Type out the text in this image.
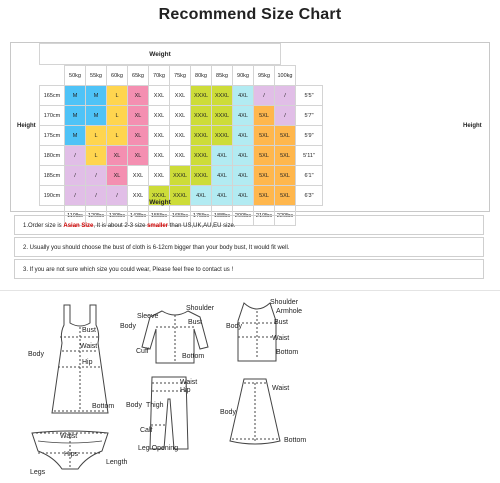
Recommend Size Chart
Weight
	50kg	55kg	60kg	65kg	70kg	75kg	80kg	85kg	90kg	95kg	100kg	
165cm	M	M	L	XL	XXL	XXL	XXXL	XXXL	4XL	/	/	5'5"
170cm	M	M	L	XL	XXL	XXL	XXXL	XXXL	4XL	5XL	/	5'7"
175cm	M	L	L	XL	XXL	XXL	XXXL	XXXL	4XL	5XL	5XL	5'9"
180cm	/	L	XL	XL	XXL	XXL	XXXL	4XL	4XL	5XL	5XL	5'11"
185cm	/	/	XL	XXL	XXL	XXXL	XXXL	4XL	4XL	5XL	5XL	6'1"
190cm	/	/	/	XXL	XXXL	XXXL	4XL	4XL	4XL	5XL	5XL	6'3"
	110lbs	120lbs	130lbs	143lbs	155lbs	165lbs	175lbs	188lbs	200lbs	210lbs	220lbs	
Weight
Height	Height
1.Order size is Asian Size, It is about 2-3 size smaller than US,UK,AU,EU size.
2. Usually you should choose the bust of cloth is 6-12cm bigger than your body bust, It would fit well.
3. If you are not sure which size you could wear, Please feel free to contact us !
Bust
Waist
Body
Hip
Bottom
Sleeve
Shoulder
Body
Bust
Cuff
Bottom
Shoulder
Armhole
Body
Bust
Waist
Bottom
Waist
Hip
Body Thigh
Calf
Leg Opening
Waist
Body
Bottom
Waist
Hips
Length
Legs
